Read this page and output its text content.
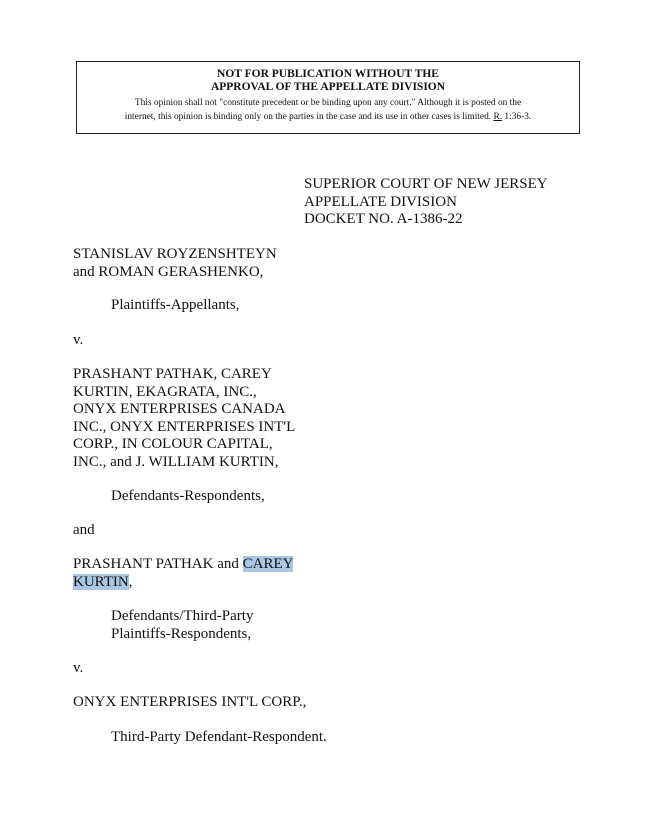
NOT FOR PUBLICATION WITHOUT THE
APPROVAL OF THE APPELLATE DIVISION
This opinion shall not "constitute precedent or be binding upon any court." Although it is posted on the
internet, this opinion is binding only on the parties in the case and its use in other cases is limited. R. 1:36-3.
SUPERIOR COURT OF NEW JERSEY
APPELLATE DIVISION
DOCKET NO. A-1386-22
STANISLAV ROYZENSHTEYN
and ROMAN GERASHENKO,
Plaintiffs-Appellants,
v.
PRASHANT PATHAK, CAREY
KURTIN, EKAGRATA, INC.,
ONYX ENTERPRISES CANADA
INC., ONYX ENTERPRISES INT'L
CORP., IN COLOUR CAPITAL,
INC., and J. WILLIAM KURTIN,
Defendants-Respondents,
and
PRASHANT PATHAK and CAREY
KURTIN,
Defendants/Third-Party
Plaintiffs-Respondents,
v.
ONYX ENTERPRISES INT'L CORP.,
Third-Party Defendant-Respondent.
